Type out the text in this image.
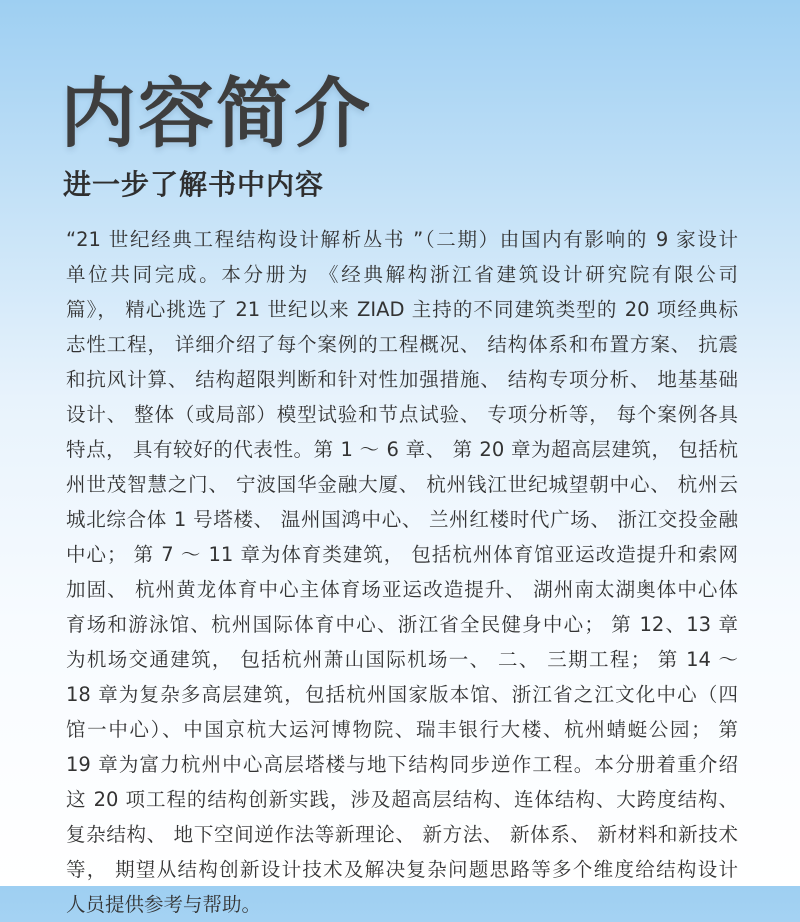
内容简介
进一步了解书中内容
“21 世纪经典工程结构设计解析丛书 ”（二期）由国内有影响的 9 家设计
单位共同完成。本分册为 《经典解构浙江省建筑设计研究院有限公司
篇》， 精心挑选了 21 世纪以来 ZIAD 主持的不同建筑类型的 20 项经典标
志性工程， 详细介绍了每个案例的工程概况、 结构体系和布置方案、 抗震
和抗风计算、 结构超限判断和针对性加强措施、 结构专项分析、 地基基础
设计、 整体（或局部）模型试验和节点试验、 专项分析等， 每个案例各具
特点， 具有较好的代表性。第 1 ～ 6 章、 第 20 章为超高层建筑， 包括杭
州世茂智慧之门、 宁波国华金融大厦、 杭州钱江世纪城望朝中心、 杭州云
城北综合体 1 号塔楼、 温州国鸿中心、 兰州红楼时代广场、 浙江交投金融
中心； 第 7 ～ 11 章为体育类建筑， 包括杭州体育馆亚运改造提升和索网
加固、 杭州黄龙体育中心主体育场亚运改造提升、 湖州南太湖奥体中心体
育场和游泳馆、杭州国际体育中心、浙江省全民健身中心； 第 12、13 章
为机场交通建筑， 包括杭州萧山国际机场一、 二、 三期工程； 第 14 ～
18 章为复杂多高层建筑，包括杭州国家版本馆、浙江省之江文化中心（四
馆一中心）、中国京杭大运河博物院、瑞丰银行大楼、杭州蜻蜓公园； 第
19 章为富力杭州中心高层塔楼与地下结构同步逆作工程。本分册着重介绍
这 20 项工程的结构创新实践，涉及超高层结构、连体结构、大跨度结构、
复杂结构、 地下空间逆作法等新理论、 新方法、 新体系、 新材料和新技术
等， 期望从结构创新设计技术及解决复杂问题思路等多个维度给结构设计
人员提供参考与帮助。
